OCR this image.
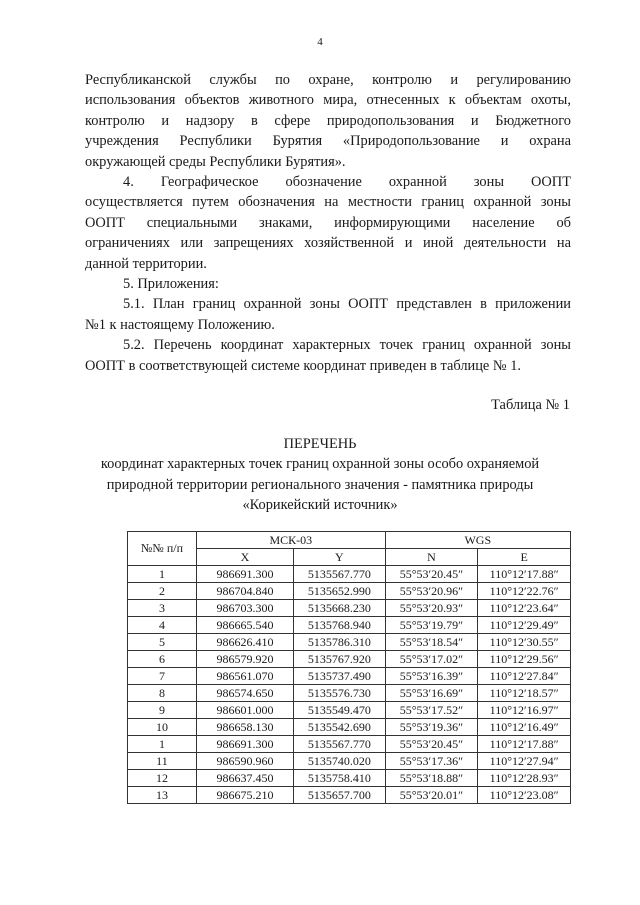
4

Республиканской службы по охране, контролю и регулированию
использования объектов животного мира, отнесенных к объектам охоты,
контролю и надзору в сфере природопользования и Бюджетного
учреждения Республики Бурятия «Природопользование и охрана
окружающей среды Республики Бурятия».

4. Географическое обозначение охранной зоны ООПТ
осуществляется путем обозначения на местности границ охранной зоны
ООПТ специальными знаками, информирующими население об
ограничениях или запрещениях хозяйственной и иной деятельности на
данной территории.

5. Приложения:

5.1. План границ охранной зоны ООПТ представлен в приложении
№1 к настоящему Положению.

5.2. Перечень координат характерных точек границ охранной зоны
ООПТ в соответствующей системе координат приведен в таблице № 1.

Таблица № 1
ПЕРЕЧЕНЬ
координат характерных точек границ охранной зоны особо охраняемой
природной территории регионального значения - памятника природы
«Корикейский источник»
№№ п/п	МСК-03		WGS	
	X	Y	N	E
1	986691.300	5135567.770	55°53′20.45″	110°12′17.88″
2	986704.840	5135652.990	55°53′20.96″	110°12′22.76″
3	986703.300	5135668.230	55°53′20.93″	110°12′23.64″
4	986665.540	5135768.940	55°53′19.79″	110°12′29.49″
5	986626.410	5135786.310	55°53′18.54″	110°12′30.55″
6	986579.920	5135767.920	55°53′17.02″	110°12′29.56″
7	986561.070	5135737.490	55°53′16.39″	110°12′27.84″
8	986574.650	5135576.730	55°53′16.69″	110°12′18.57″
9	986601.000	5135549.470	55°53′17.52″	110°12′16.97″
10	986658.130	5135542.690	55°53′19.36″	110°12′16.49″
1	986691.300	5135567.770	55°53′20.45″	110°12′17.88″
11	986590.960	5135740.020	55°53′17.36″	110°12′27.94″
12	986637.450	5135758.410	55°53′18.88″	110°12′28.93″
13	986675.210	5135657.700	55°53′20.01″	110°12′23.08″
